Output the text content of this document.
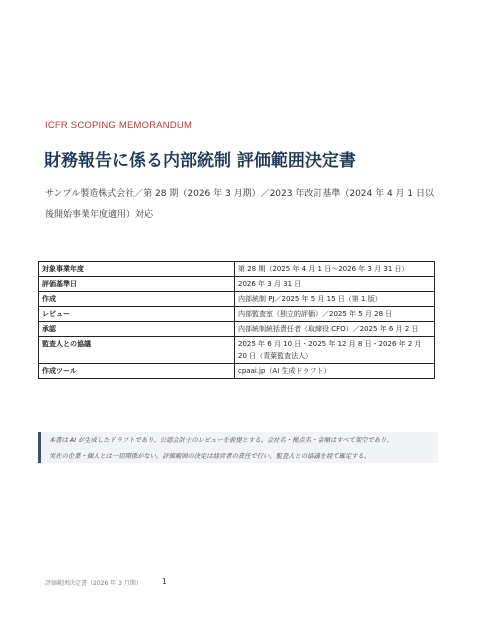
ICFR SCOPING MEMORANDUM
財務報告に係る内部統制 評価範囲決定書
サンプル製造株式会社／第 28 期（2026 年 3 月期）／2023 年改訂基準（2024 年 4 月 1 日以後開始事業年度適用）対応
対象事業年度	第 28 期（2025 年 4 月 1 日〜2026 年 3 月 31 日）
評価基準日	2026 年 3 月 31 日
作成	内部統制 PJ／2025 年 5 月 15 日（第 1 版）
レビュー	内部監査室（独立的評価）／2025 年 5 月 28 日
承認	内部統制統括責任者（取締役 CFO）／2025 年 6 月 2 日
監査人との協議	2025 年 6 月 10 日・2025 年 12 月 8 日・2026 年 2 月 20 日（青葉監査法人）
作成ツール	cpaai.jp（AI 生成ドラフト）
本書は AI が生成したドラフトであり、公認会計士のレビューを前提とする。会社名・拠点名・金額はすべて架空であり、
実在の企業・個人とは一切関係がない。評価範囲の決定は経営者の責任で行い、監査人との協議を経て確定する。
評価範囲決定書（2026 年 3 月期）	1
